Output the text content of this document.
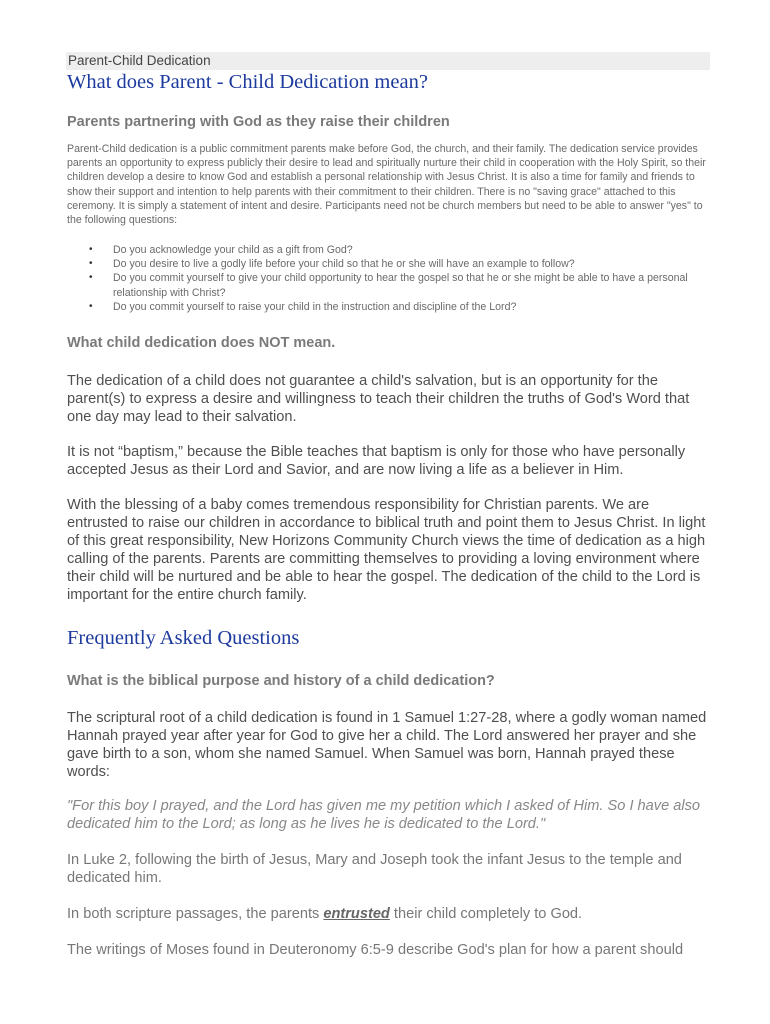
Parent-Child Dedication
What does Parent - Child Dedication mean?
Parents partnering with God as they raise their children

Parent-Child dedication is a public commitment parents make before God, the church, and their family. The dedication service provides parents an opportunity to express publicly their desire to lead and spiritually nurture their child in cooperation with the Holy Spirit, so their children develop a desire to know God and establish a personal relationship with Jesus Christ. It is also a time for family and friends to show their support and intention to help parents with their commitment to their children. There is no "saving grace" attached to this ceremony. It is simply a statement of intent and desire. Participants need not be church members but need to be able to answer "yes" to the following questions:

• Do you acknowledge your child as a gift from God?
• Do you desire to live a godly life before your child so that he or she will have an example to follow?
• Do you commit yourself to give your child opportunity to hear the gospel so that he or she might be able to have a personal relationship with Christ?
• Do you commit yourself to raise your child in the instruction and discipline of the Lord?
What child dedication does NOT mean.

The dedication of a child does not guarantee a child's salvation, but is an opportunity for the parent(s) to express a desire and willingness to teach their children the truths of God's Word that one day may lead to their salvation.

It is not “baptism,” because the Bible teaches that baptism is only for those who have personally accepted Jesus as their Lord and Savior, and are now living a life as a believer in Him.

With the blessing of a baby comes tremendous responsibility for Christian parents. We are entrusted to raise our children in accordance to biblical truth and point them to Jesus Christ. In light of this great responsibility, New Horizons Community Church views the time of dedication as a high calling of the parents. Parents are committing themselves to providing a loving environment where their child will be nurtured and be able to hear the gospel. The dedication of the child to the Lord is important for the entire church family.

Frequently Asked Questions
What is the biblical purpose and history of a child dedication?

The scriptural root of a child dedication is found in 1 Samuel 1:27-28, where a godly woman named Hannah prayed year after year for God to give her a child. The Lord answered her prayer and she gave birth to a son, whom she named Samuel. When Samuel was born, Hannah prayed these words:

"For this boy I prayed, and the Lord has given me my petition which I asked of Him. So I have also dedicated him to the Lord; as long as he lives he is dedicated to the Lord."

In Luke 2, following the birth of Jesus, Mary and Joseph took the infant Jesus to the temple and dedicated him.

In both scripture passages, the parents entrusted their child completely to God.

The writings of Moses found in Deuteronomy 6:5-9 describe God's plan for how a parent should
